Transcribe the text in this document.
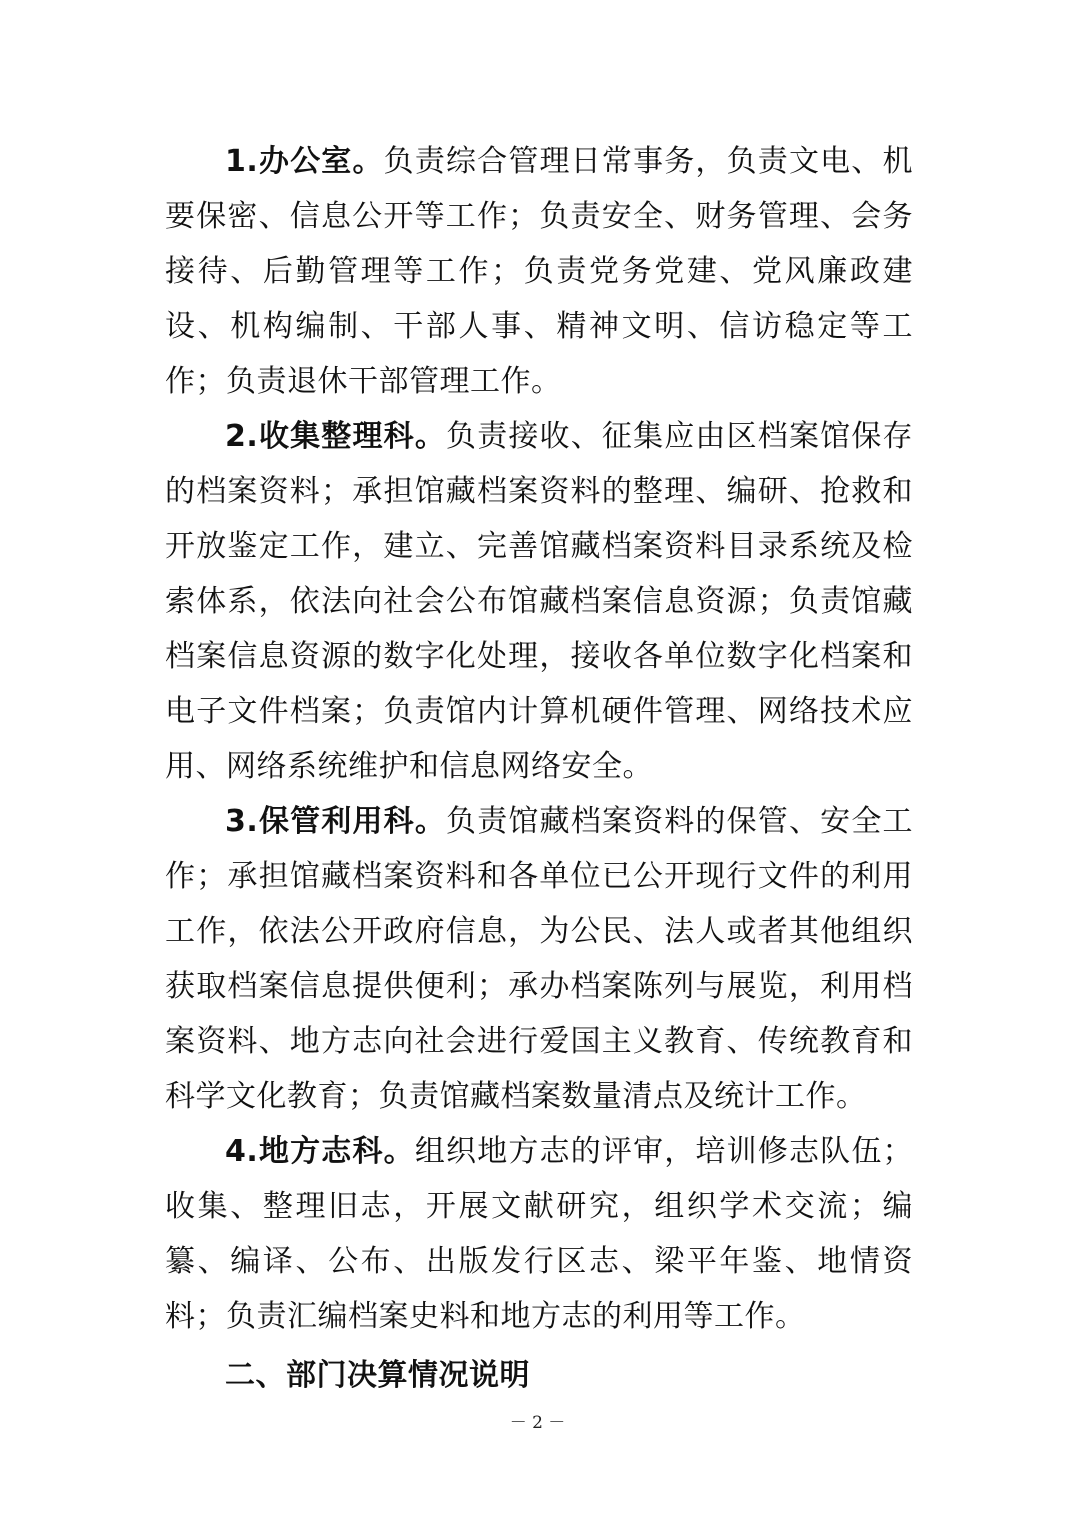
1.办公室。负责综合管理日常事务，负责文电、机要保密、信息公开等工作；负责安全、财务管理、会务接待、后勤管理等工作；负责党务党建、党风廉政建设、机构编制、干部人事、精神文明、信访稳定等工作；负责退休干部管理工作。

2.收集整理科。负责接收、征集应由区档案馆保存的档案资料；承担馆藏档案资料的整理、编研、抢救和开放鉴定工作，建立、完善馆藏档案资料目录系统及检索体系，依法向社会公布馆藏档案信息资源；负责馆藏档案信息资源的数字化处理，接收各单位数字化档案和电子文件档案；负责馆内计算机硬件管理、网络技术应用、网络系统维护和信息网络安全。

3.保管利用科。负责馆藏档案资料的保管、安全工作；承担馆藏档案资料和各单位已公开现行文件的利用工作，依法公开政府信息，为公民、法人或者其他组织获取档案信息提供便利；承办档案陈列与展览，利用档案资料、地方志向社会进行爱国主义教育、传统教育和科学文化教育；负责馆藏档案数量清点及统计工作。

4.地方志科。组织地方志的评审，培训修志队伍；收集、整理旧志，开展文献研究，组织学术交流；编纂、编译、公布、出版发行区志、梁平年鉴、地情资料；负责汇编档案史料和地方志的利用等工作。

二、部门决算情况说明

－ 2 －
